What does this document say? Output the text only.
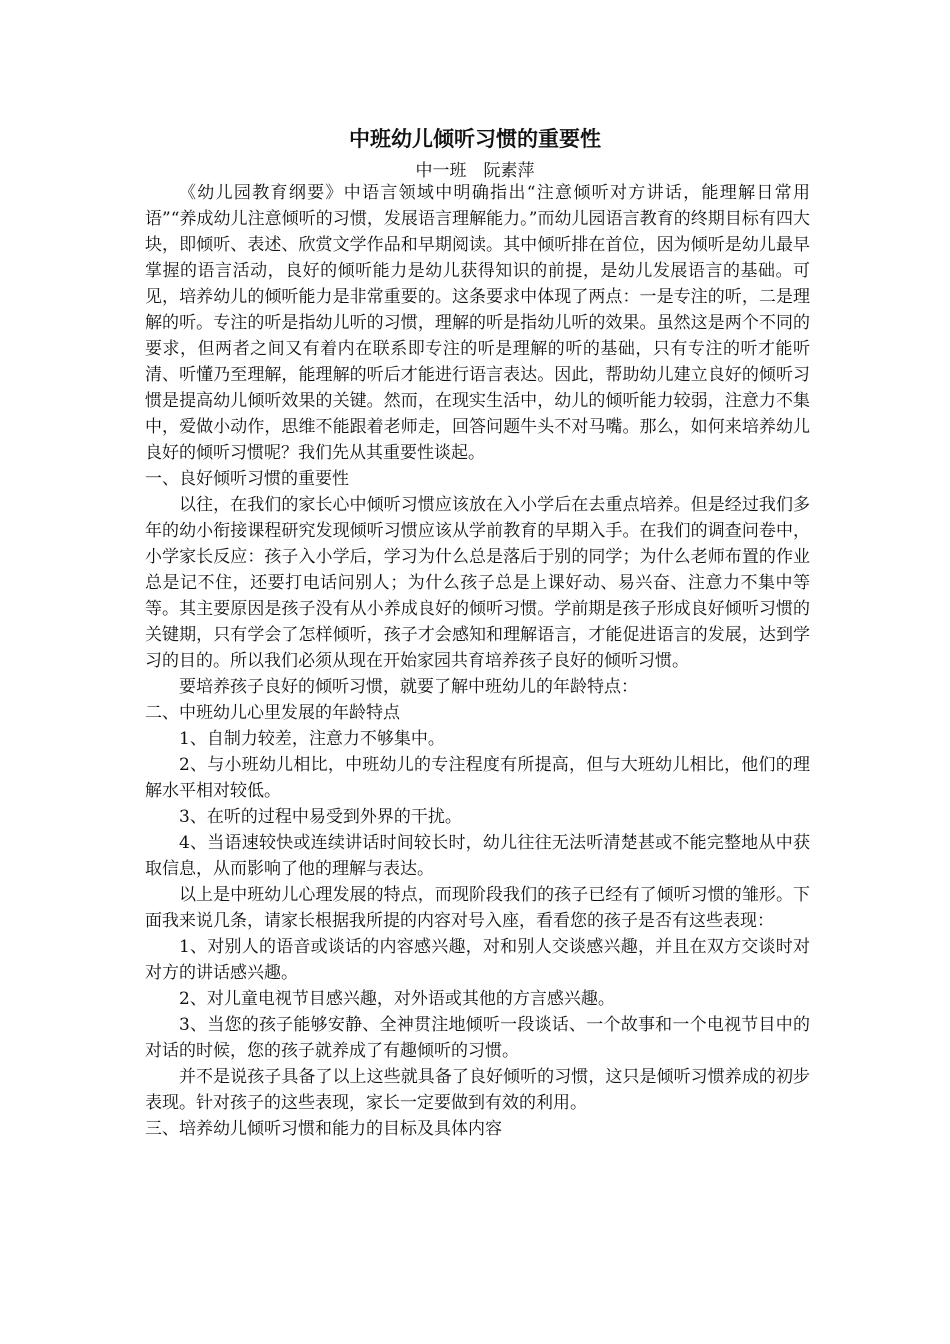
中班幼儿倾听习惯的重要性
中一班　阮素萍

《幼儿园教育纲要》中语言领域中明确指出“注意倾听对方讲话，能理解日常用语”“养成幼儿注意倾听的习惯，发展语言理解能力。”而幼儿园语言教育的终期目标有四大块，即倾听、表述、欣赏文学作品和早期阅读。其中倾听排在首位，因为倾听是幼儿最早掌握的语言活动，良好的倾听能力是幼儿获得知识的前提，是幼儿发展语言的基础。可见，培养幼儿的倾听能力是非常重要的。这条要求中体现了两点：一是专注的听，二是理解的听。专注的听是指幼儿听的习惯，理解的听是指幼儿听的效果。虽然这是两个不同的要求，但两者之间又有着内在联系即专注的听是理解的听的基础，只有专注的听才能听清、听懂乃至理解，能理解的听后才能进行语言表达。因此，帮助幼儿建立良好的倾听习惯是提高幼儿倾听效果的关键。然而，在现实生活中，幼儿的倾听能力较弱，注意力不集中，爱做小动作，思维不能跟着老师走，回答问题牛头不对马嘴。那么，如何来培养幼儿良好的倾听习惯呢？我们先从其重要性谈起。

一、良好倾听习惯的重要性

以往，在我们的家长心中倾听习惯应该放在入小学后在去重点培养。但是经过我们多年的幼小衔接课程研究发现倾听习惯应该从学前教育的早期入手。在我们的调查问卷中，小学家长反应：孩子入小学后，学习为什么总是落后于别的同学；为什么老师布置的作业总是记不住，还要打电话问别人；为什么孩子总是上课好动、易兴奋、注意力不集中等等。其主要原因是孩子没有从小养成良好的倾听习惯。学前期是孩子形成良好倾听习惯的关键期，只有学会了怎样倾听，孩子才会感知和理解语言，才能促进语言的发展，达到学习的目的。所以我们必须从现在开始家园共育培养孩子良好的倾听习惯。

要培养孩子良好的倾听习惯，就要了解中班幼儿的年龄特点：

二、中班幼儿心里发展的年龄特点

1、自制力较差，注意力不够集中。

2、与小班幼儿相比，中班幼儿的专注程度有所提高，但与大班幼儿相比，他们的理解水平相对较低。

3、在听的过程中易受到外界的干扰。

4、当语速较快或连续讲话时间较长时，幼儿往往无法听清楚甚或不能完整地从中获取信息，从而影响了他的理解与表达。

以上是中班幼儿心理发展的特点，而现阶段我们的孩子已经有了倾听习惯的雏形。下面我来说几条，请家长根据我所提的内容对号入座，看看您的孩子是否有这些表现：

1、对别人的语音或谈话的内容感兴趣，对和别人交谈感兴趣，并且在双方交谈时对对方的讲话感兴趣。

2、对儿童电视节目感兴趣，对外语或其他的方言感兴趣。

3、当您的孩子能够安静、全神贯注地倾听一段谈话、一个故事和一个电视节目中的对话的时候，您的孩子就养成了有趣倾听的习惯。

并不是说孩子具备了以上这些就具备了良好倾听的习惯，这只是倾听习惯养成的初步表现。针对孩子的这些表现，家长一定要做到有效的利用。

三、培养幼儿倾听习惯和能力的目标及具体内容
